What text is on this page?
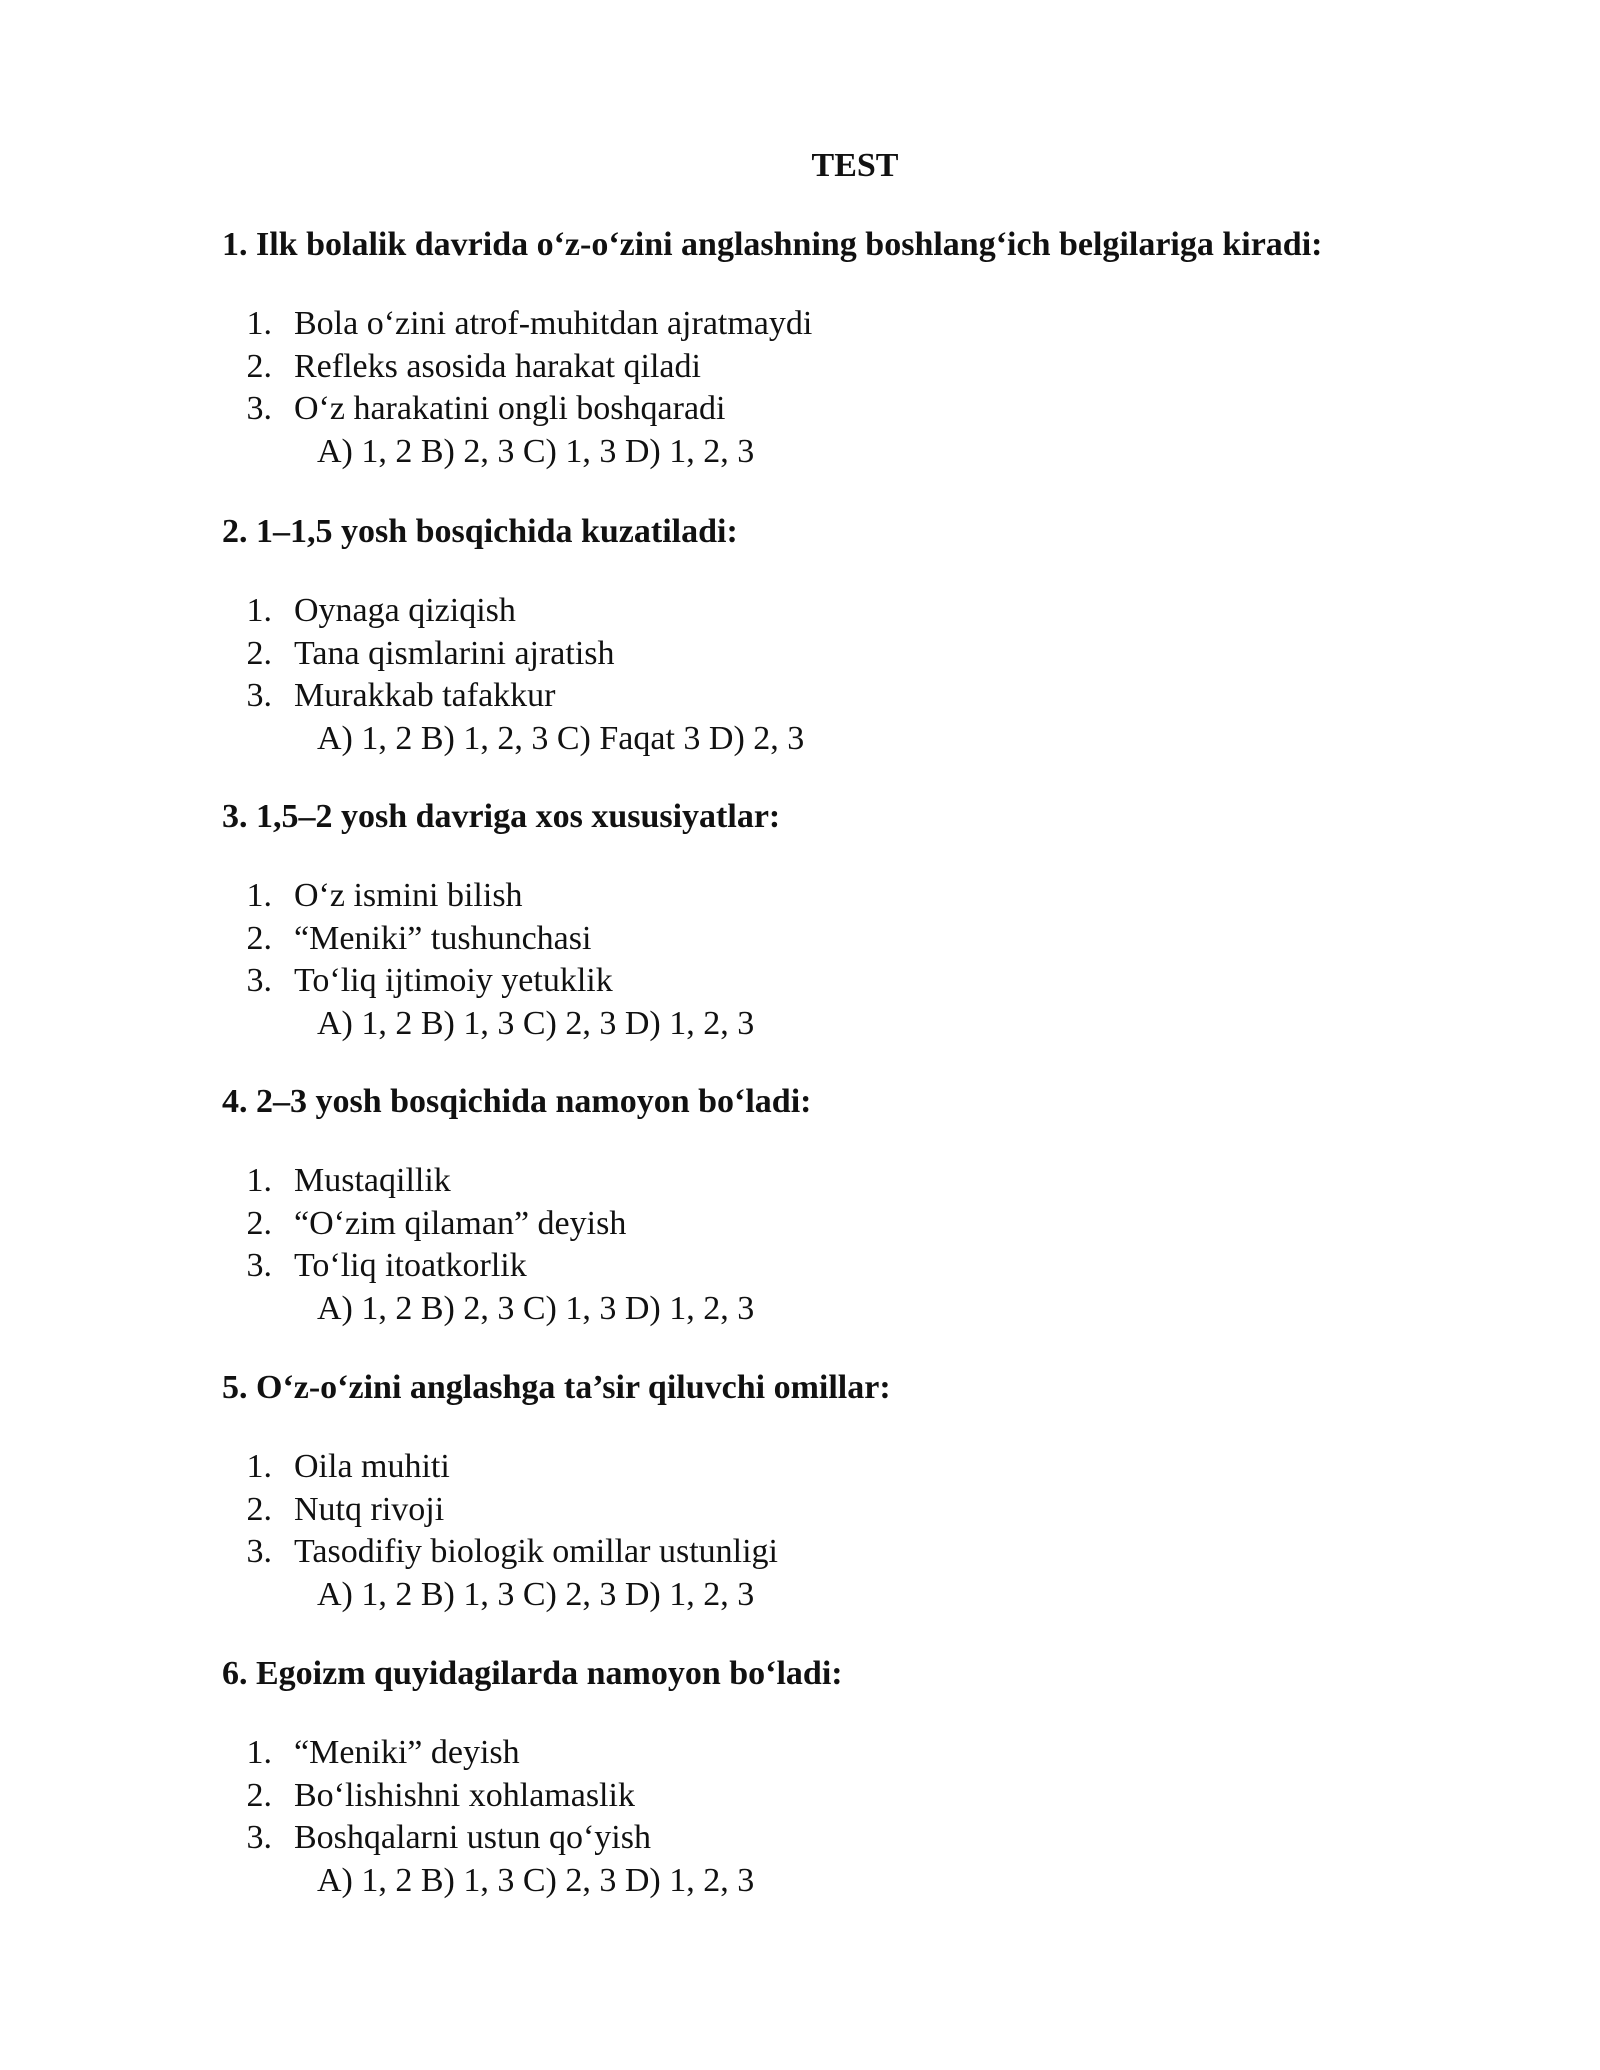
TEST

1. Ilk bolalik davrida o‘z-o‘zini anglashning boshlang‘ich belgilariga kiradi:

1. Bola o‘zini atrof-muhitdan ajratmaydi
2. Refleks asosida harakat qiladi
3. O‘z harakatini ongli boshqaradi

A) 1, 2 B) 2, 3 C) 1, 3 D) 1, 2, 3

2. 1–1,5 yosh bosqichida kuzatiladi:

1. Oynaga qiziqish
2. Tana qismlarini ajratish
3. Murakkab tafakkur

A) 1, 2 B) 1, 2, 3 C) Faqat 3 D) 2, 3

3. 1,5–2 yosh davriga xos xususiyatlar:

1. O‘z ismini bilish
2. “Meniki” tushunchasi
3. To‘liq ijtimoiy yetuklik

A) 1, 2 B) 1, 3 C) 2, 3 D) 1, 2, 3

4. 2–3 yosh bosqichida namoyon bo‘ladi:

1. Mustaqillik
2. “O‘zim qilaman” deyish
3. To‘liq itoatkorlik

A) 1, 2 B) 2, 3 C) 1, 3 D) 1, 2, 3

5. O‘z-o‘zini anglashga ta’sir qiluvchi omillar:

1. Oila muhiti
2. Nutq rivoji
3. Tasodifiy biologik omillar ustunligi

A) 1, 2 B) 1, 3 C) 2, 3 D) 1, 2, 3

6. Egoizm quyidagilarda namoyon bo‘ladi:

1. “Meniki” deyish
2. Bo‘lishishni xohlamaslik
3. Boshqalarni ustun qo‘yish

A) 1, 2 B) 1, 3 C) 2, 3 D) 1, 2, 3
